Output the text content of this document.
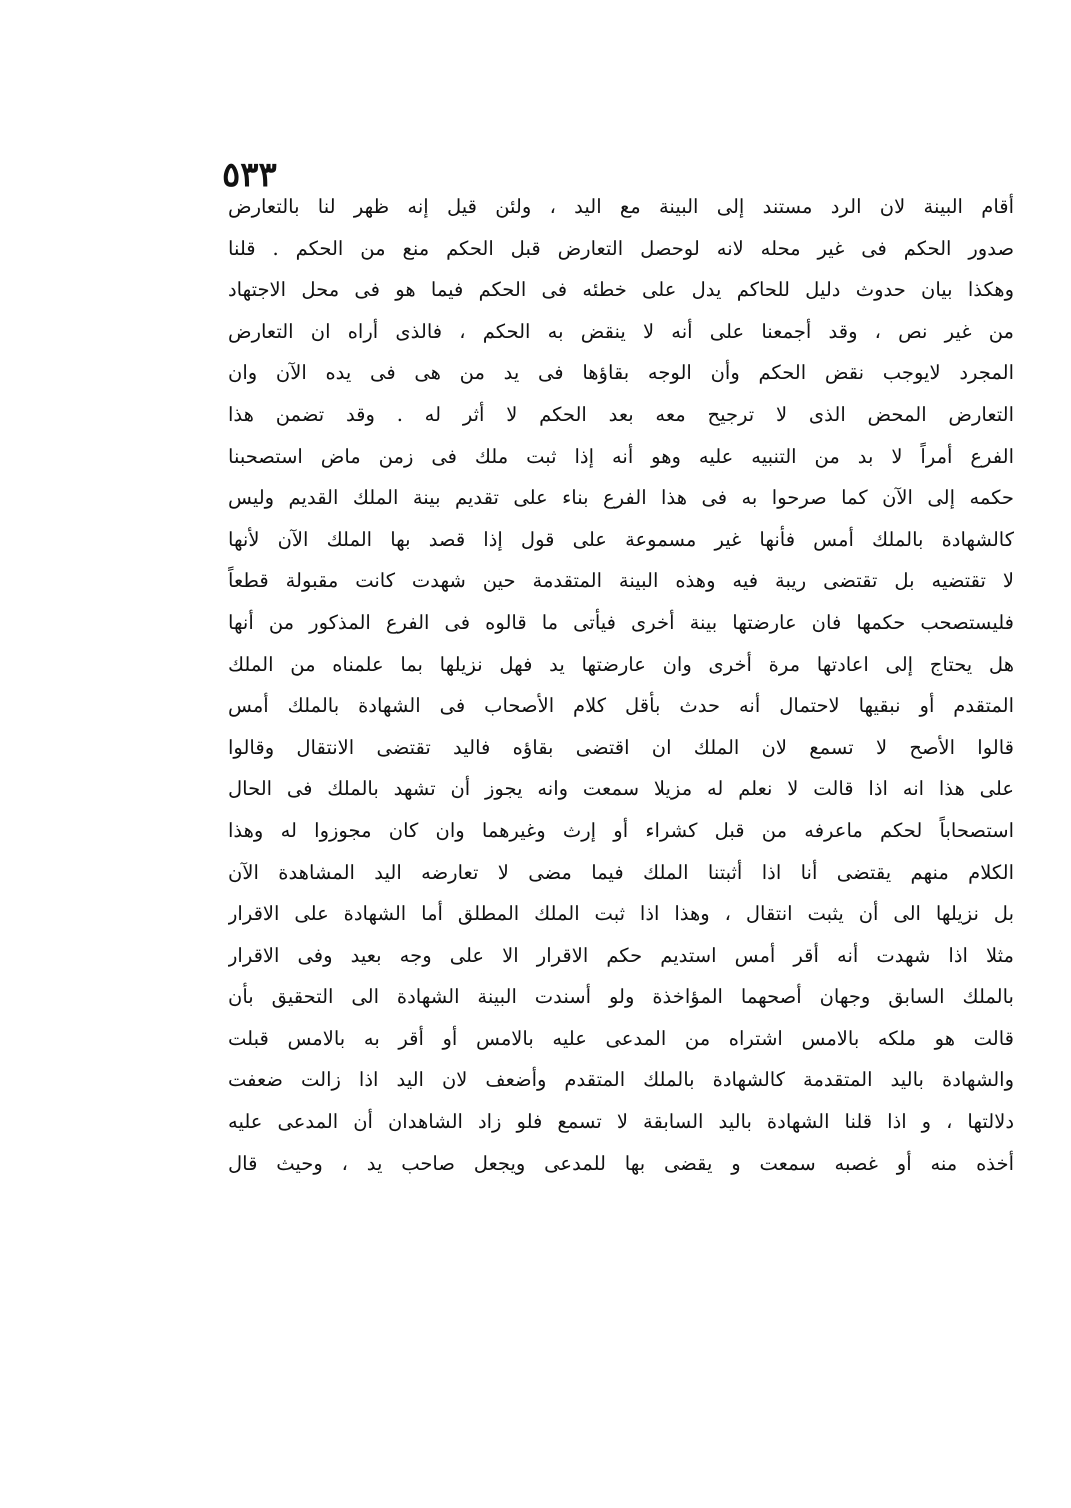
٥٣٣
أقام البينة لان الرد مستند إلى البينة مع اليد ، ولئن قيل إنه ظهر لنا بالتعارض
صدور الحكم فى غير محله لانه لوحصل التعارض قبل الحكم منع من الحكم . قلنا
وهكذا بيان حدوث دليل للحاكم يدل على خطئه فى الحكم فيما هو فى محل الاجتهاد
من غير نص ، وقد أجمعنا على أنه لا ينقض به الحكم ، فالذى أراه ان التعارض
المجرد لايوجب نقض الحكم وأن الوجه بقاؤها فى يد من هى فى يده الآن وان
التعارض المحض الذى لا ترجيح معه بعد الحكم لا أثر له . وقد تضمن هذا
الفرع أمراً لا بد من التنبيه عليه وهو أنه إذا ثبت ملك فى زمن ماض استصحبنا
حكمه إلى الآن كما صرحوا به فى هذا الفرع بناء على تقديم بينة الملك القديم وليس
كالشهادة بالملك أمس فأنها غير مسموعة على قول إذا قصد بها الملك الآن لأنها
لا تقتضيه بل تقتضى ريبة فيه وهذه البينة المتقدمة حين شهدت كانت مقبولة قطعاً
فليستصحب حكمها فان عارضتها بينة أخرى فيأتى ما قالوه فى الفرع المذكور من أنها
هل يحتاج إلى اعادتها مرة أخرى وان عارضتها يد فهل نزيلها بما علمناه من الملك
المتقدم أو نبقيها لاحتمال أنه حدث بأقل كلام الأصحاب فى الشهادة بالملك أمس
قالوا الأصح لا تسمع لان الملك ان اقتضى بقاؤه فاليد تقتضى الانتقال وقالوا
على هذا انه اذا قالت لا نعلم له مزيلا سمعت وانه يجوز أن تشهد بالملك فى الحال
استصحاباً لحكم ماعرفه من قبل كشراء أو إرث وغيرهما وان كان مجوزوا له وهذا
الكلام منهم يقتضى أنا اذا أثبتنا الملك فيما مضى لا تعارضه اليد المشاهدة الآن
بل نزيلها الى أن يثبت انتقال ، وهذا اذا ثبت الملك المطلق أما الشهادة على الاقرار
مثلا اذا شهدت أنه أقر أمس استديم حكم الاقرار الا على وجه بعيد وفى الاقرار
بالملك السابق وجهان أصحهما المؤاخذة ولو أسندت البينة الشهادة الى التحقيق بأن
قالت هو ملكه بالامس اشتراه من المدعى عليه بالامس أو أقر به بالامس قبلت
والشهادة باليد المتقدمة كالشهادة بالملك المتقدم وأضعف لان اليد اذا زالت ضعفت
دلالتها ، و اذا قلنا الشهادة باليد السابقة لا تسمع فلو زاد الشاهدان أن المدعى عليه
أخذه منه أو غصبه سمعت و يقضى بها للمدعى ويجعل صاحب يد ، وحيث قال
